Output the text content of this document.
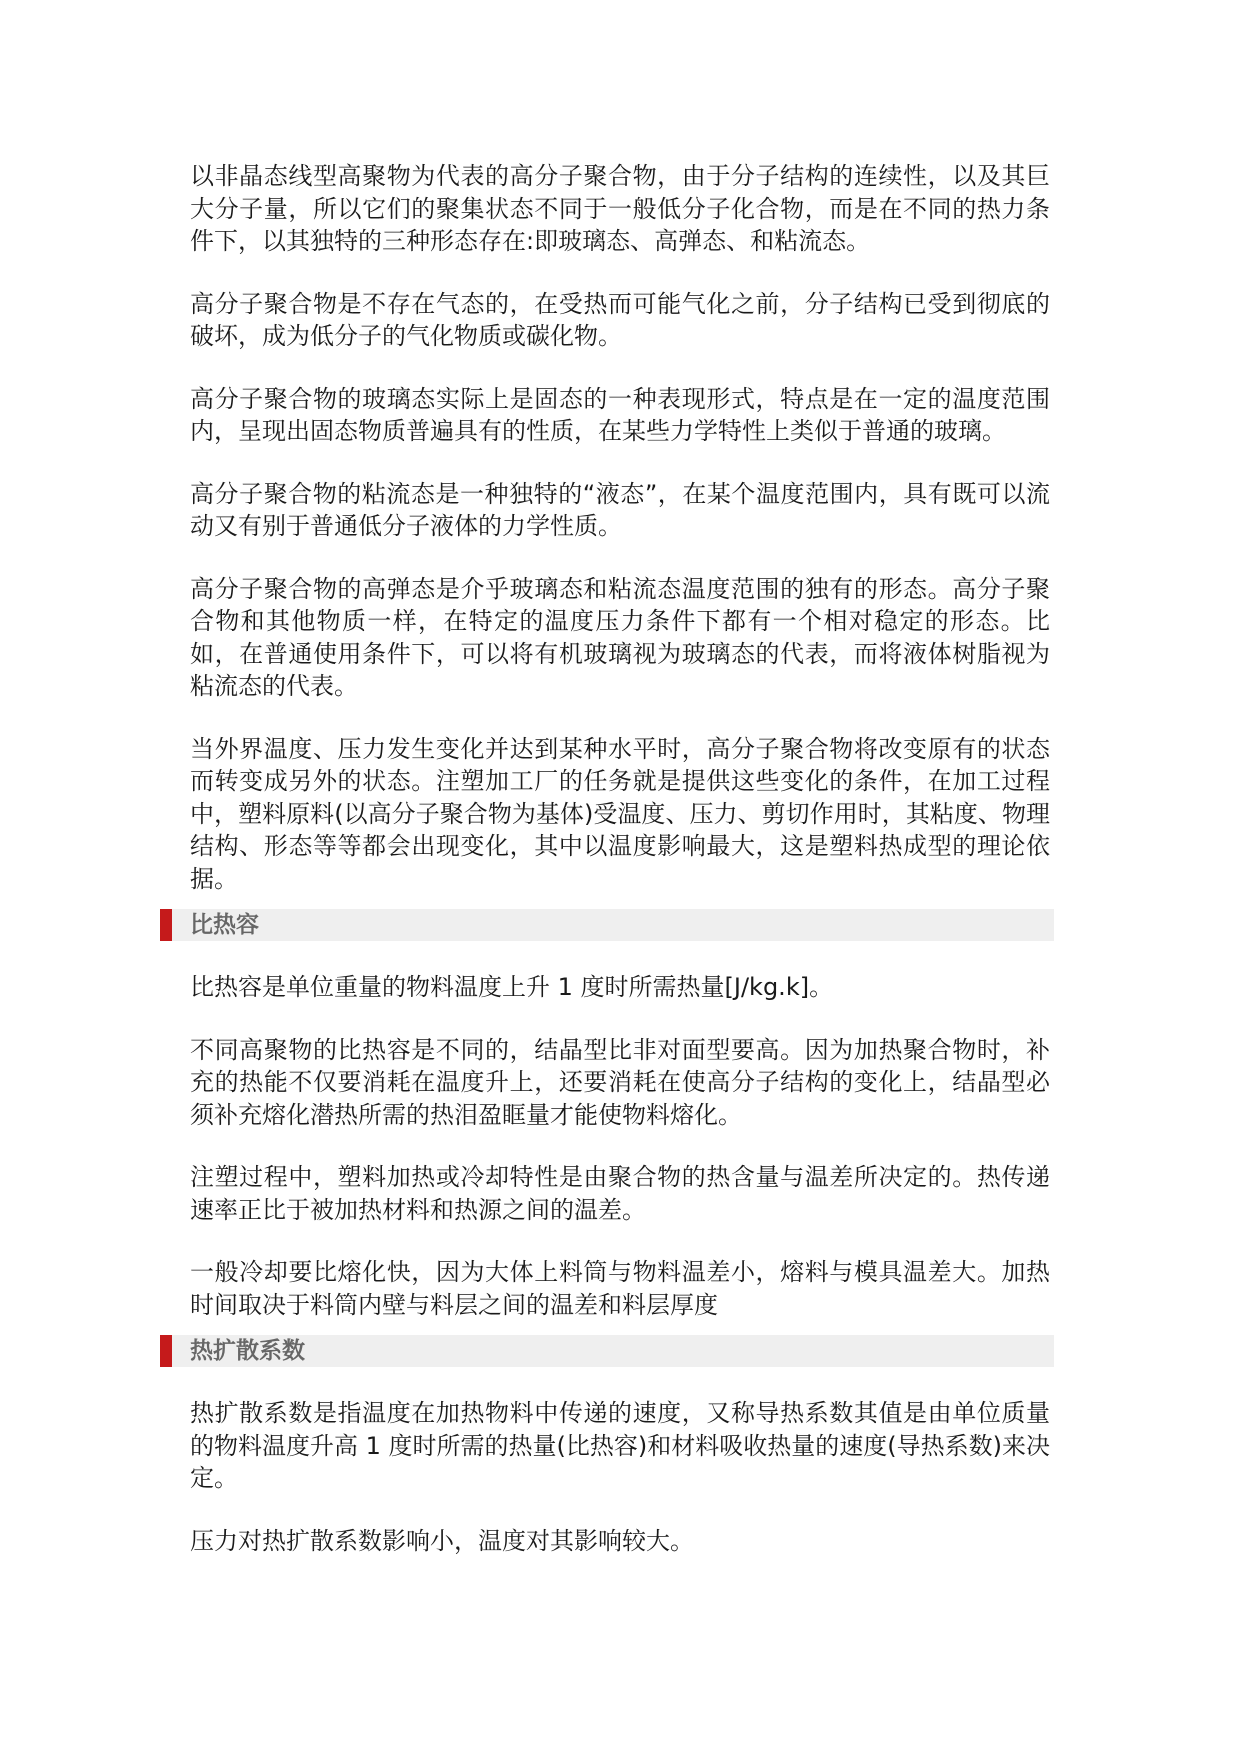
以非晶态线型高聚物为代表的高分子聚合物，由于分子结构的连续性，以及其巨大分子量，所以它们的聚集状态不同于一般低分子化合物，而是在不同的热力条件下，以其独特的三种形态存在:即玻璃态、高弹态、和粘流态。

高分子聚合物是不存在气态的，在受热而可能气化之前，分子结构已受到彻底的破坏，成为低分子的气化物质或碳化物。

高分子聚合物的玻璃态实际上是固态的一种表现形式，特点是在一定的温度范围内，呈现出固态物质普遍具有的性质，在某些力学特性上类似于普通的玻璃。

高分子聚合物的粘流态是一种独特的“液态”，在某个温度范围内，具有既可以流动又有别于普通低分子液体的力学性质。

高分子聚合物的高弹态是介乎玻璃态和粘流态温度范围的独有的形态。高分子聚合物和其他物质一样，在特定的温度压力条件下都有一个相对稳定的形态。比如，在普通使用条件下，可以将有机玻璃视为玻璃态的代表，而将液体树脂视为粘流态的代表。

当外界温度、压力发生变化并达到某种水平时，高分子聚合物将改变原有的状态而转变成另外的状态。注塑加工厂的任务就是提供这些变化的条件，在加工过程中，塑料原料(以高分子聚合物为基体)受温度、压力、剪切作用时，其粘度、物理结构、形态等等都会出现变化，其中以温度影响最大，这是塑料热成型的理论依据。

比热容

比热容是单位重量的物料温度上升 1 度时所需热量[J/kg.k]。

不同高聚物的比热容是不同的，结晶型比非对面型要高。因为加热聚合物时，补充的热能不仅要消耗在温度升上，还要消耗在使高分子结构的变化上，结晶型必须补充熔化潜热所需的热泪盈眶量才能使物料熔化。

注塑过程中，塑料加热或冷却特性是由聚合物的热含量与温差所决定的。热传递速率正比于被加热材料和热源之间的温差。

一般冷却要比熔化快，因为大体上料筒与物料温差小，熔料与模具温差大。加热时间取决于料筒内壁与料层之间的温差和料层厚度

热扩散系数

热扩散系数是指温度在加热物料中传递的速度，又称导热系数其值是由单位质量的物料温度升高 1 度时所需的热量(比热容)和材料吸收热量的速度(导热系数)来决定。

压力对热扩散系数影响小，温度对其影响较大。
